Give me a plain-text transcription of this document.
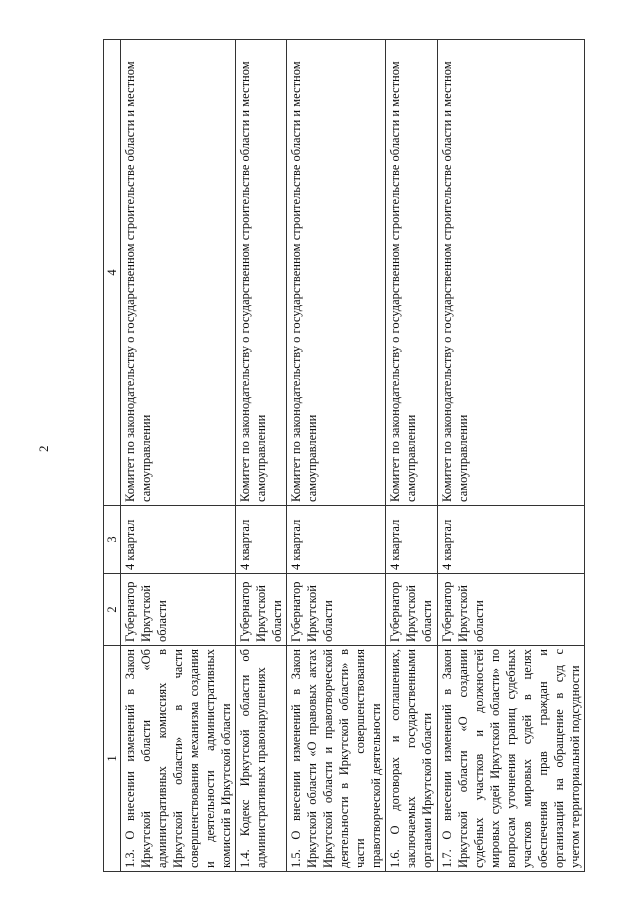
2
1	2	3	4
1.3. О внесении изменений в Закон Иркутской области «Об административных комиссиях в Иркутской области» в части совершенствования механизма создания и деятельности административных комиссий в Иркутской области	Губернатор Иркутской области	4 квартал	Комитет по законодательству о государственном строительстве области и местном самоуправлении
1.4. Кодекс Иркутской области об административных правонарушениях	Губернатор Иркутской области	4 квартал	Комитет по законодательству о государственном строительстве области и местном самоуправлении
1.5. О внесении изменений в Закон Иркутской области «О правовых актах Иркутской области и правотворческой деятельности в Иркутской области» в части совершенствования правотворческой деятельности	Губернатор Иркутской области	4 квартал	Комитет по законодательству о государственном строительстве области и местном самоуправлении
1.6. О договорах и соглашениях, заключаемых государственными органами Иркутской области	Губернатор Иркутской области	4 квартал	Комитет по законодательству о государственном строительстве области и местном самоуправлении
1.7. О внесении изменений в Закон Иркутской области «О создании судебных участков и должностей мировых судей Иркутской области» по вопросам уточнения границ судебных участков мировых судей в целях обеспечения прав граждан и организаций на обращение в суд с учетом территориальной подсудности	Губернатор Иркутской области	4 квартал	Комитет по законодательству о государственном строительстве области и местном самоуправлении
